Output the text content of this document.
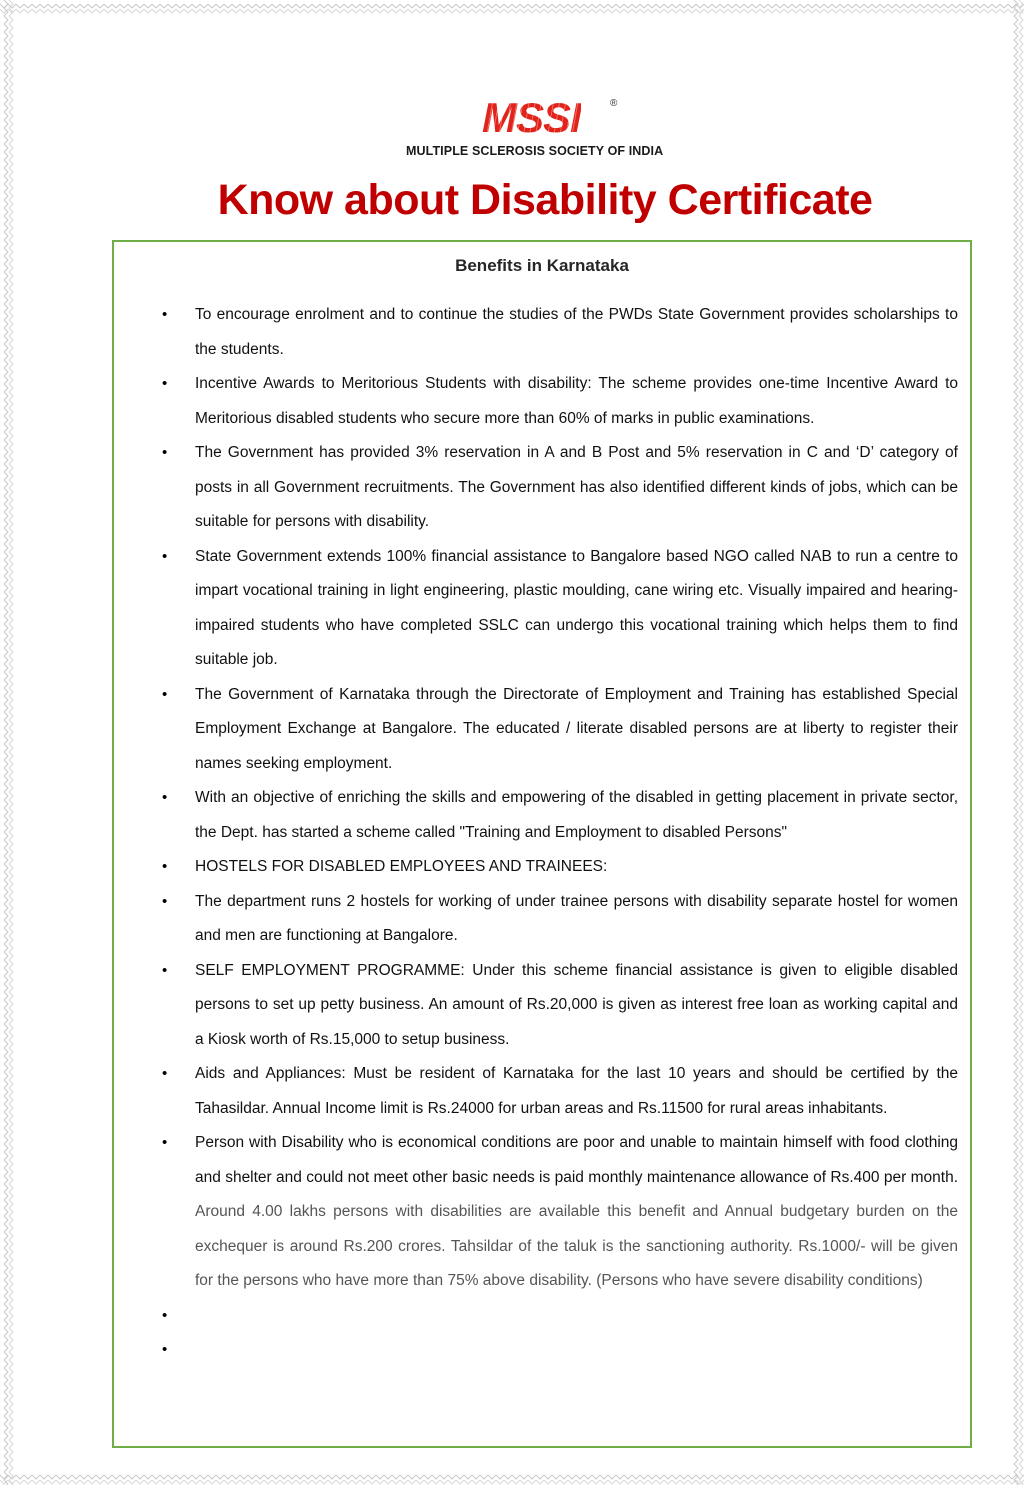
MSSI	®
MULTIPLE SCLEROSIS SOCIETY OF INDIA
Know about Disability Certificate
Benefits in Karnataka
• To encourage enrolment and to continue the studies of the PWDs State Government provides scholarships to the students.
• Incentive Awards to Meritorious Students with disability: The scheme provides one-time Incentive Award to Meritorious disabled students who secure more than 60% of marks in public examinations.
• The Government has provided 3% reservation in A and B Post and 5% reservation in C and ‘D’ category of posts in all Government recruitments. The Government has also identified different kinds of jobs, which can be suitable for persons with disability.
• State Government extends 100% financial assistance to Bangalore based NGO called NAB to run a centre to impart vocational training in light engineering, plastic moulding, cane wiring etc. Visually impaired and hearing-impaired students who have completed SSLC can undergo this vocational training which helps them to find suitable job.
• The Government of Karnataka through the Directorate of Employment and Training has established Special Employment Exchange at Bangalore. The educated / literate disabled persons are at liberty to register their names seeking employment.
• With an objective of enriching the skills and empowering of the disabled in getting placement in private sector, the Dept. has started a scheme called "Training and Employment to disabled Persons"
• HOSTELS FOR DISABLED EMPLOYEES AND TRAINEES:
• The department runs 2 hostels for working of under trainee persons with disability separate hostel for women and men are functioning at Bangalore.
• SELF EMPLOYMENT PROGRAMME: Under this scheme financial assistance is given to eligible disabled persons to set up petty business. An amount of Rs.20,000 is given as interest free loan as working capital and a Kiosk worth of Rs.15,000 to setup business.
• Aids and Appliances: Must be resident of Karnataka for the last 10 years and should be certified by the Tahasildar. Annual Income limit is Rs.24000 for urban areas and Rs.11500 for rural areas inhabitants.
• Person with Disability who is economical conditions are poor and unable to maintain himself with food clothing and shelter and could not meet other basic needs is paid monthly maintenance allowance of Rs.400 per month. Around 4.00 lakhs persons with disabilities are available this benefit and Annual budgetary burden on the exchequer is around Rs.200 crores. Tahsildar of the taluk is the sanctioning authority. Rs.1000/- will be given for the persons who have more than 75% above disability. (Persons who have severe disability conditions)
•
•
